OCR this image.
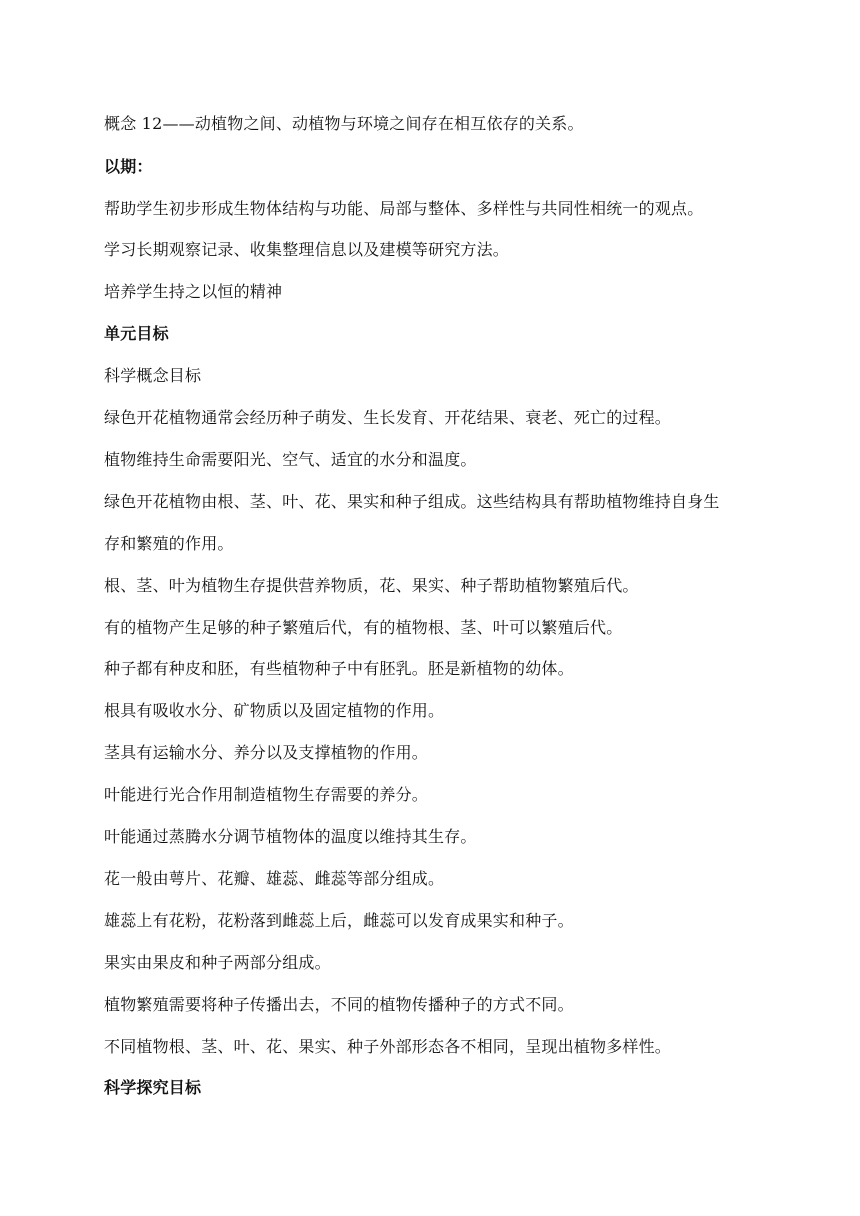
概念 12——动植物之间、动植物与环境之间存在相互依存的关系。
以期：
帮助学生初步形成生物体结构与功能、局部与整体、多样性与共同性相统一的观点。
学习长期观察记录、收集整理信息以及建模等研究方法。
培养学生持之以恒的精神
单元目标
科学概念目标
绿色开花植物通常会经历种子萌发、生长发育、开花结果、衰老、死亡的过程。
植物维持生命需要阳光、空气、适宜的水分和温度。
绿色开花植物由根、茎、叶、花、果实和种子组成。这些结构具有帮助植物维持自身生
存和繁殖的作用。
根、茎、叶为植物生存提供营养物质，花、果实、种子帮助植物繁殖后代。
有的植物产生足够的种子繁殖后代，有的植物根、茎、叶可以繁殖后代。
种子都有种皮和胚，有些植物种子中有胚乳。胚是新植物的幼体。
根具有吸收水分、矿物质以及固定植物的作用。
茎具有运输水分、养分以及支撑植物的作用。
叶能进行光合作用制造植物生存需要的养分。
叶能通过蒸腾水分调节植物体的温度以维持其生存。
花一般由萼片、花瓣、雄蕊、雌蕊等部分组成。
雄蕊上有花粉，花粉落到雌蕊上后，雌蕊可以发育成果实和种子。
果实由果皮和种子两部分组成。
植物繁殖需要将种子传播出去，不同的植物传播种子的方式不同。
不同植物根、茎、叶、花、果实、种子外部形态各不相同，呈现出植物多样性。
科学探究目标
